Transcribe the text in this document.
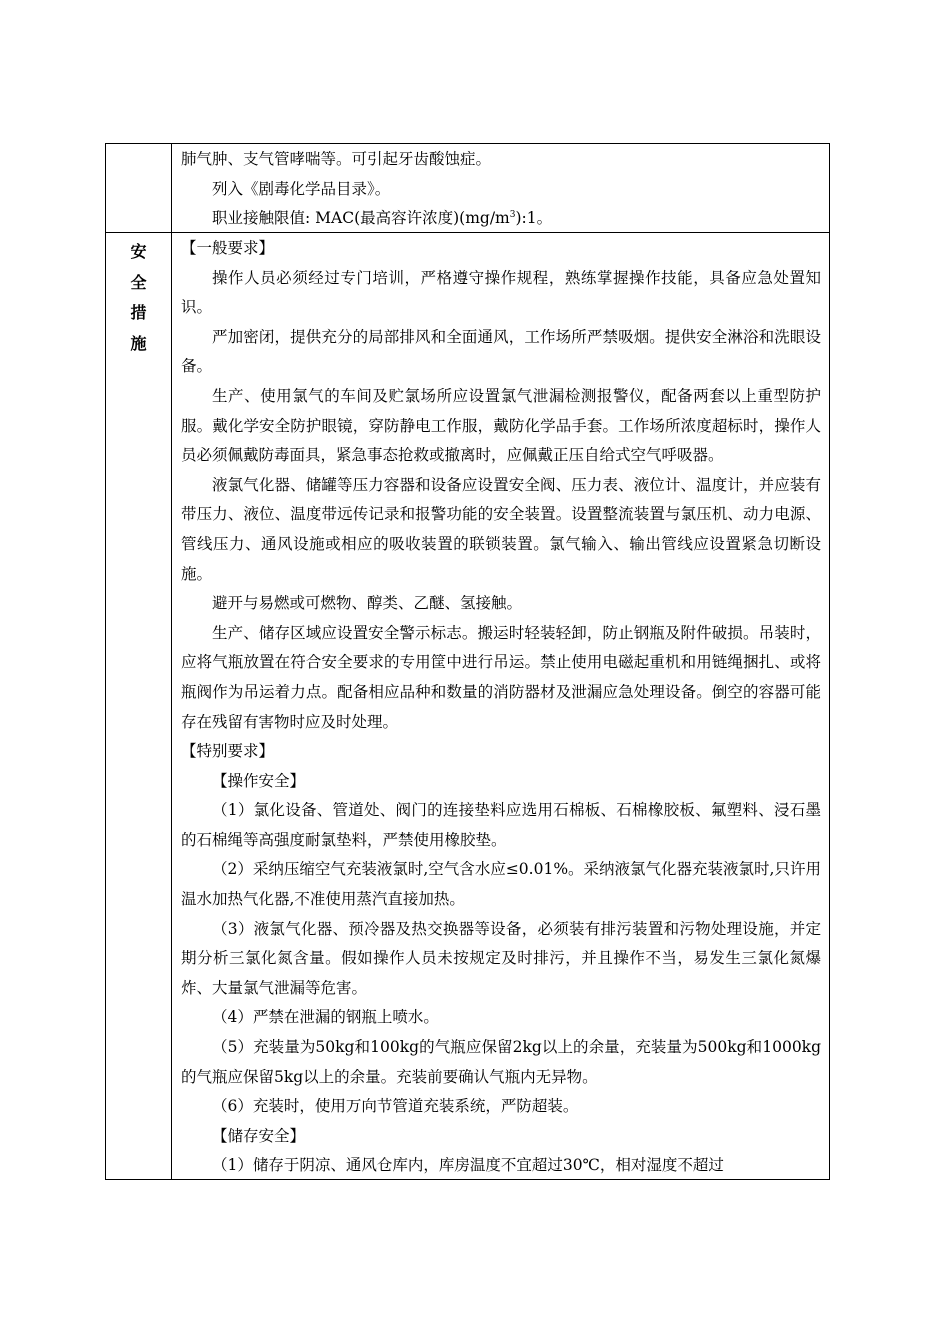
肺气肿、支气管哮喘等。可引起牙齿酸蚀症。

列入《剧毒化学品目录》。

职业接触限值: MAC(最高容许浓度)$(mg/m^3):1$。

安
全
措
施

【一般要求】

操作人员必须经过专门培训，严格遵守操作规程，熟练掌握操作技能，具备应急处置知识。

严加密闭，提供充分的局部排风和全面通风，工作场所严禁吸烟。提供安全淋浴和洗眼设备。

生产、使用氯气的车间及贮氯场所应设置氯气泄漏检测报警仪，配备两套以上重型防护服。戴化学安全防护眼镜，穿防静电工作服，戴防化学品手套。工作场所浓度超标时，操作人员必须佩戴防毒面具，紧急事态抢救或撤离时，应佩戴正压自给式空气呼吸器。

液氯气化器、储罐等压力容器和设备应设置安全阀、压力表、液位计、温度计，并应装有带压力、液位、温度带远传记录和报警功能的安全装置。设置整流装置与氯压机、动力电源、管线压力、通风设施或相应的吸收装置的联锁装置。氯气输入、输出管线应设置紧急切断设施。

避开与易燃或可燃物、醇类、乙醚、氢接触。

生产、储存区域应设置安全警示标志。搬运时轻装轻卸，防止钢瓶及附件破损。吊装时，应将气瓶放置在符合安全要求的专用筐中进行吊运。禁止使用电磁起重机和用链绳捆扎、或将瓶阀作为吊运着力点。配备相应品种和数量的消防器材及泄漏应急处理设备。倒空的容器可能存在残留有害物时应及时处理。

【特别要求】

【操作安全】

（1）氯化设备、管道处、阀门的连接垫料应选用石棉板、石棉橡胶板、氟塑料、浸石墨的石棉绳等高强度耐氯垫料，严禁使用橡胶垫。

（2）采纳压缩空气充装液氯时,空气含水应≤0.01%。采纳液氯气化器充装液氯时,只许用温水加热气化器,不准使用蒸汽直接加热。

（3）液氯气化器、预冷器及热交换器等设备，必须装有排污装置和污物处理设施，并定期分析三氯化氮含量。假如操作人员未按规定及时排污，并且操作不当，易发生三氯化氮爆炸、大量氯气泄漏等危害。

（4）严禁在泄漏的钢瓶上喷水。

（5）充装量为50kg和100kg的气瓶应保留2kg以上的余量，充装量为500kg和1000kg的气瓶应保留5kg以上的余量。充装前要确认气瓶内无异物。

（6）充装时，使用万向节管道充装系统，严防超装。

【储存安全】

（1）储存于阴凉、通风仓库内，库房温度不宜超过30℃，相对湿度不超过
